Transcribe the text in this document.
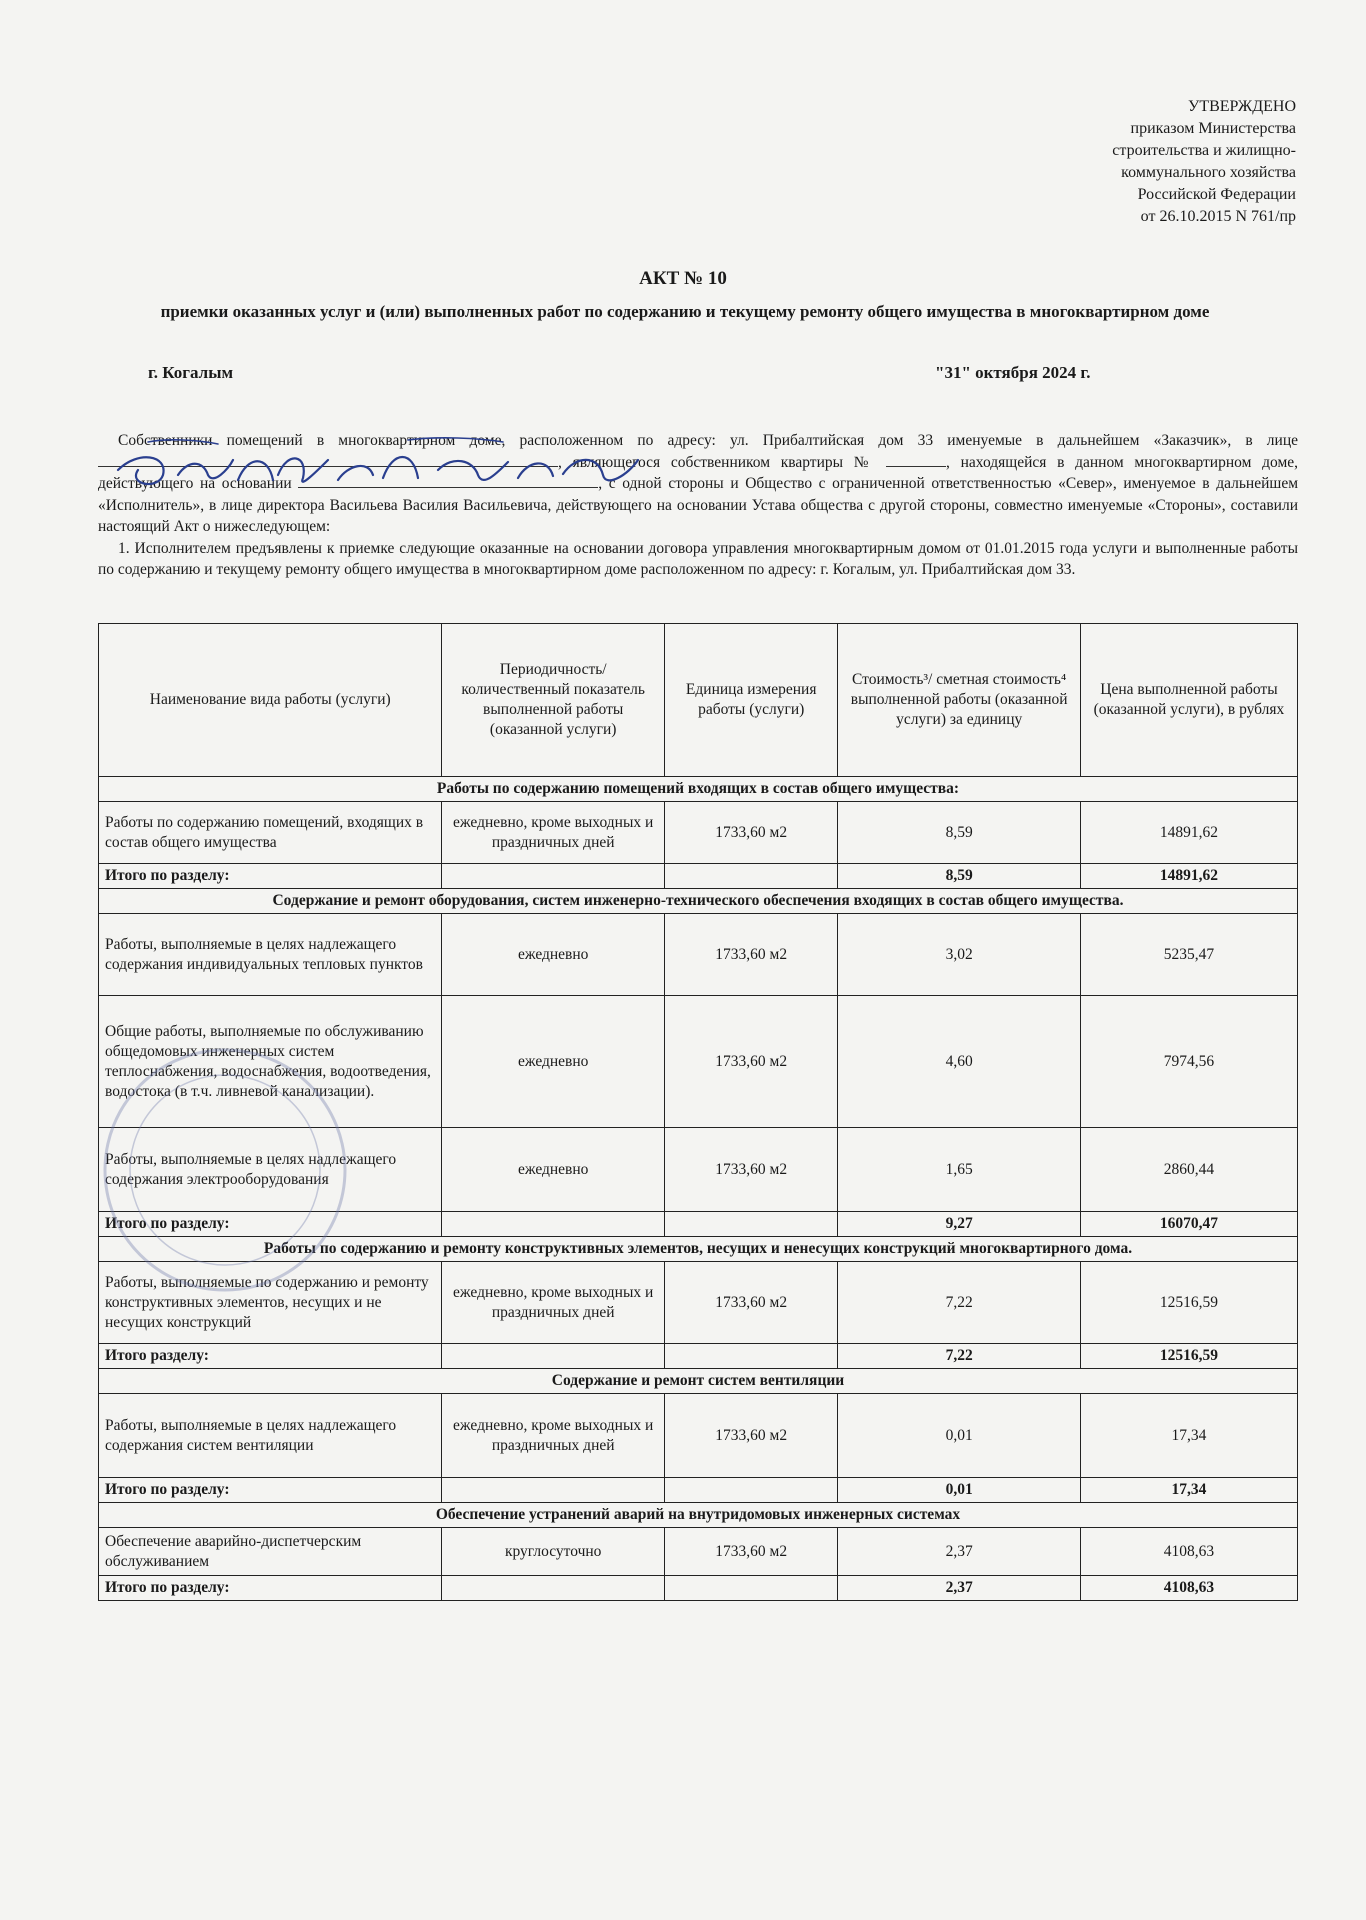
УТВЕРЖДЕНО
приказом Министерства
строительства и жилищно-
коммунального хозяйства
Российской Федерации
от 26.10.2015 N 761/пр
АКТ № 10
приемки оказанных услуг и (или) выполненных работ по содержанию и текущему ремонту общего имущества в многоквартирном доме
г. Когалым	"31" октября 2024 г.

Собственники помещений в многоквартирном доме, расположенном по адресу: ул. Прибалтийская дом 33 именуемые в дальнейшем «Заказчик», в лице , являющегося собственником квартиры №	, находящейся в данном многоквартирном доме, действующего на основании	, с одной стороны и Общество с ограниченной ответственностью «Север», именуемое в дальнейшем «Исполнитель», в лице директора Васильева Василия Васильевича, действующего на основании Устава общества с другой стороны, совместно именуемые «Стороны», составили настоящий Акт о нижеследующем:

1. Исполнителем предъявлены к приемке следующие оказанные на основании договора управления многоквартирным домом от 01.01.2015 года услуги и выполненные работы по содержанию и текущему ремонту общего имущества в многоквартирном доме расположенном по адресу: г. Когалым, ул. Прибалтийская дом 33.

Наименование вида работы (услуги)	Периодичность/ количественный показатель выполненной работы (оказанной услуги)	Единица измерения работы (услуги)	Стоимость³/ сметная стоимость⁴ выполненной работы (оказанной услуги) за единицу	Цена выполненной работы (оказанной услуги), в рублях
Работы по содержанию помещений входящих в состав общего имущества:				
Работы по содержанию помещений, входящих в состав общего имущества	ежедневно, кроме выходных и праздничных дней	1733,60 м2	8,59	14891,62
Итого по разделу:			8,59	14891,62
Содержание и ремонт оборудования, систем инженерно-технического обеспечения входящих в состав общего имущества.				
Работы, выполняемые в целях надлежащего содержания индивидуальных тепловых пунктов	ежедневно	1733,60 м2	3,02	5235,47
Общие работы, выполняемые по обслуживанию общедомовых инженерных систем теплоснабжения, водоснабжения, водоотведения, водостока (в т.ч. ливневой канализации).	ежедневно	1733,60 м2	4,60	7974,56
Работы, выполняемые в целях надлежащего содержания электрооборудования	ежедневно	1733,60 м2	1,65	2860,44
Итого по разделу:			9,27	16070,47
Работы по содержанию и ремонту конструктивных элементов, несущих и ненесущих конструкций многоквартирного дома.				
Работы, выполняемые по содержанию и ремонту конструктивных элементов, несущих и не несущих конструкций	ежедневно, кроме выходных и праздничных дней	1733,60 м2	7,22	12516,59
Итого разделу:			7,22	12516,59
Содержание и ремонт систем вентиляции				
Работы, выполняемые в целях надлежащего содержания систем вентиляции	ежедневно, кроме выходных и праздничных дней	1733,60 м2	0,01	17,34
Итого по разделу:			0,01	17,34
Обеспечение устранений аварий на внутридомовых инженерных системах				
Обеспечение аварийно-диспетчерским обслуживанием	круглосуточно	1733,60 м2	2,37	4108,63
Итого по разделу:			2,37	4108,63
